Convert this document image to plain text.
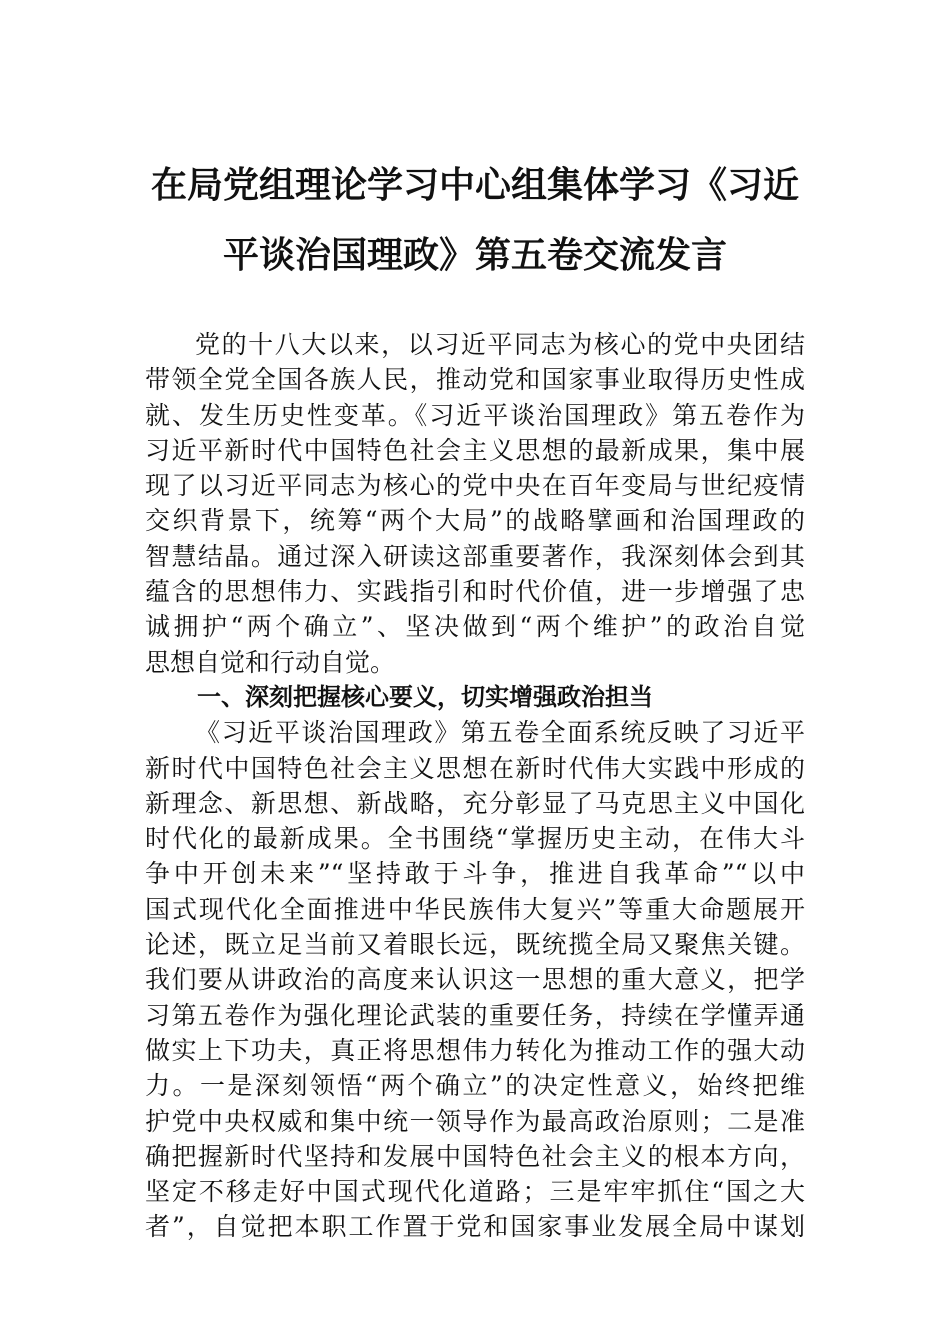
在局党组理论学习中心组集体学习《习近
平谈治国理政》第五卷交流发言
党的十八大以来，以习近平同志为核心的党中央团结
带领全党全国各族人民，推动党和国家事业取得历史性成
就、发生历史性变革。《习近平谈治国理政》第五卷作为
习近平新时代中国特色社会主义思想的最新成果，集中展
现了以习近平同志为核心的党中央在百年变局与世纪疫情
交织背景下，统筹“两个大局”的战略擘画和治国理政的
智慧结晶。通过深入研读这部重要著作，我深刻体会到其
蕴含的思想伟力、实践指引和时代价值，进一步增强了忠
诚拥护“两个确立”、坚决做到“两个维护”的政治自觉
思想自觉和行动自觉。
一、深刻把握核心要义，切实增强政治担当
《习近平谈治国理政》第五卷全面系统反映了习近平
新时代中国特色社会主义思想在新时代伟大实践中形成的
新理念、新思想、新战略，充分彰显了马克思主义中国化
时代化的最新成果。全书围绕“掌握历史主动，在伟大斗
争中开创未来”“坚持敢于斗争，推进自我革命”“以中
国式现代化全面推进中华民族伟大复兴”等重大命题展开
论述，既立足当前又着眼长远，既统揽全局又聚焦关键。
我们要从讲政治的高度来认识这一思想的重大意义，把学
习第五卷作为强化理论武装的重要任务，持续在学懂弄通
做实上下功夫，真正将思想伟力转化为推动工作的强大动
力。一是深刻领悟“两个确立”的决定性意义，始终把维
护党中央权威和集中统一领导作为最高政治原则；二是准
确把握新时代坚持和发展中国特色社会主义的根本方向，
坚定不移走好中国式现代化道路；三是牢牢抓住“国之大
者”，自觉把本职工作置于党和国家事业发展全局中谋划
